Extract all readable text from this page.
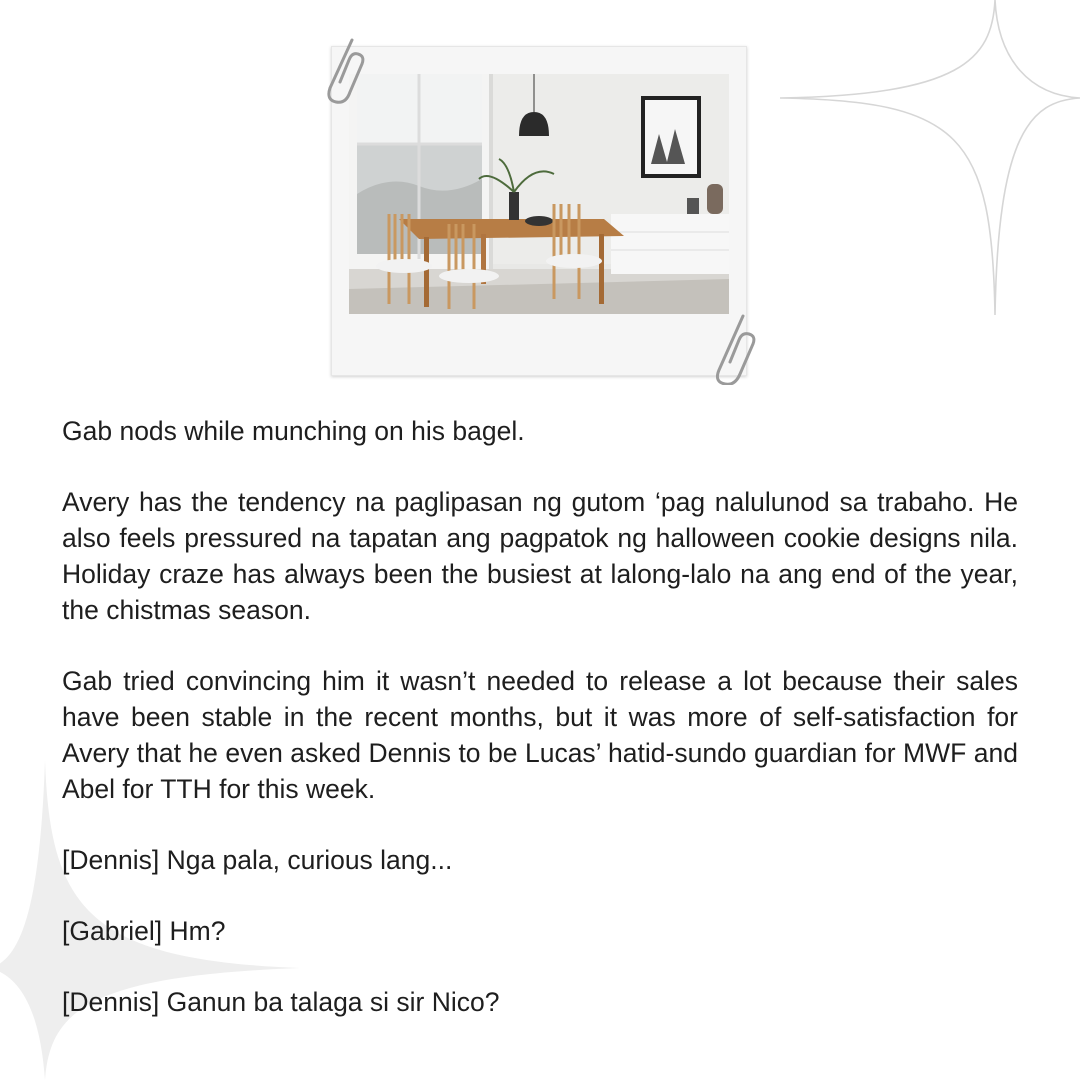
Gab nods while munching on his bagel.

Avery has the tendency na paglipasan ng gutom ‘pag nalulunod sa trabaho. He also feels pressured na tapatan ang pagpatok ng halloween cookie designs nila. Holiday craze has always been the busiest at lalong-lalo na ang end of the year, the chistmas season.

Gab tried convincing him it wasn’t needed to release a lot because their sales have been stable in the recent months, but it was more of self-satisfaction for Avery that he even asked Dennis to be Lucas’ hatid-sundo guardian for MWF and Abel for TTH for this week.

[Dennis] Nga pala, curious lang...

[Gabriel] Hm?

[Dennis] Ganun ba talaga si sir Nico?
